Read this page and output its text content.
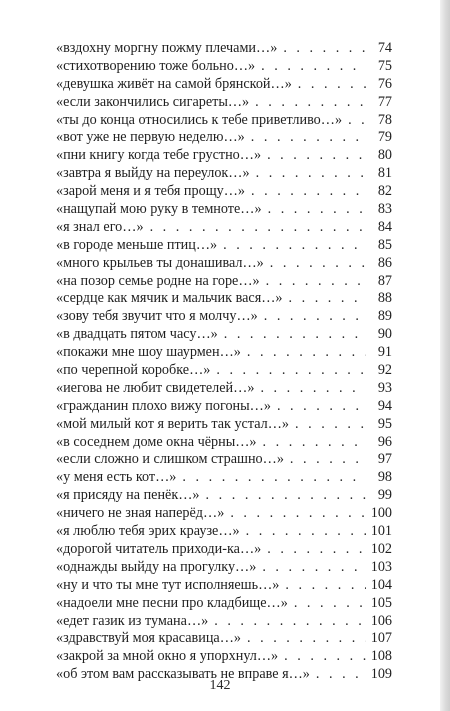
«вздохну моргну пожму плечами…» . . .	74
«стихотворению тоже больно…» . . .	75
«девушка живёт на самой брянской…» . . .	76
«если закончились сигареты…» . . .	77
«ты до конца относились к тебе приветливо…» . . .	78
«вот уже не первую неделю…» . . .	79
«пни книгу когда тебе грустно…» . . .	80
«завтра я выйду на переулок…» . . .	81
«зарой меня и я тебя прощу…» . . .	82
«нащупай мою руку в темноте…» . . .	83
«я знал его…» . . .	84
«в городе меньше птиц…» . . .	85
«много крыльев ты донашивал…» . . .	86
«на позор семье родне на горе…» . . .	87
«сердце как мячик и мальчик вася…» . . .	88
«зову тебя звучит что я молчу…» . . .	89
«в двадцать пятом часу…» . . .	90
«покажи мне шоу шаурмен…» . . .	91
«по черепной коробке…» . . .	92
«иегова не любит свидетелей…» . . .	93
«гражданин плохо вижу погоны…» . . .	94
«мой милый кот я верить так устал…» . . .	95
«в соседнем доме окна чёрны…» . . .	96
«если сложно и слишком страшно…» . . .	97
«у меня есть кот…» . . .	98
«я присяду на пенёк…» . . .	99
«ничего не зная наперёд…» . . .	100
«я люблю тебя эрих краузе…» . . .	101
«дорогой читатель приходи-ка…» . . .	102
«однажды выйду на прогулку…» . . .	103
«ну и что ты мне тут исполняешь…» . . .	104
«надоели мне песни про кладбище…» . . .	105
«едет газик из тумана…» . . .	106
«здравствуй моя красавица…» . . .	107
«закрой за мной окно я упорхнул…» . . .	108
«об этом вам рассказывать не вправе я…» . . .	109
142
